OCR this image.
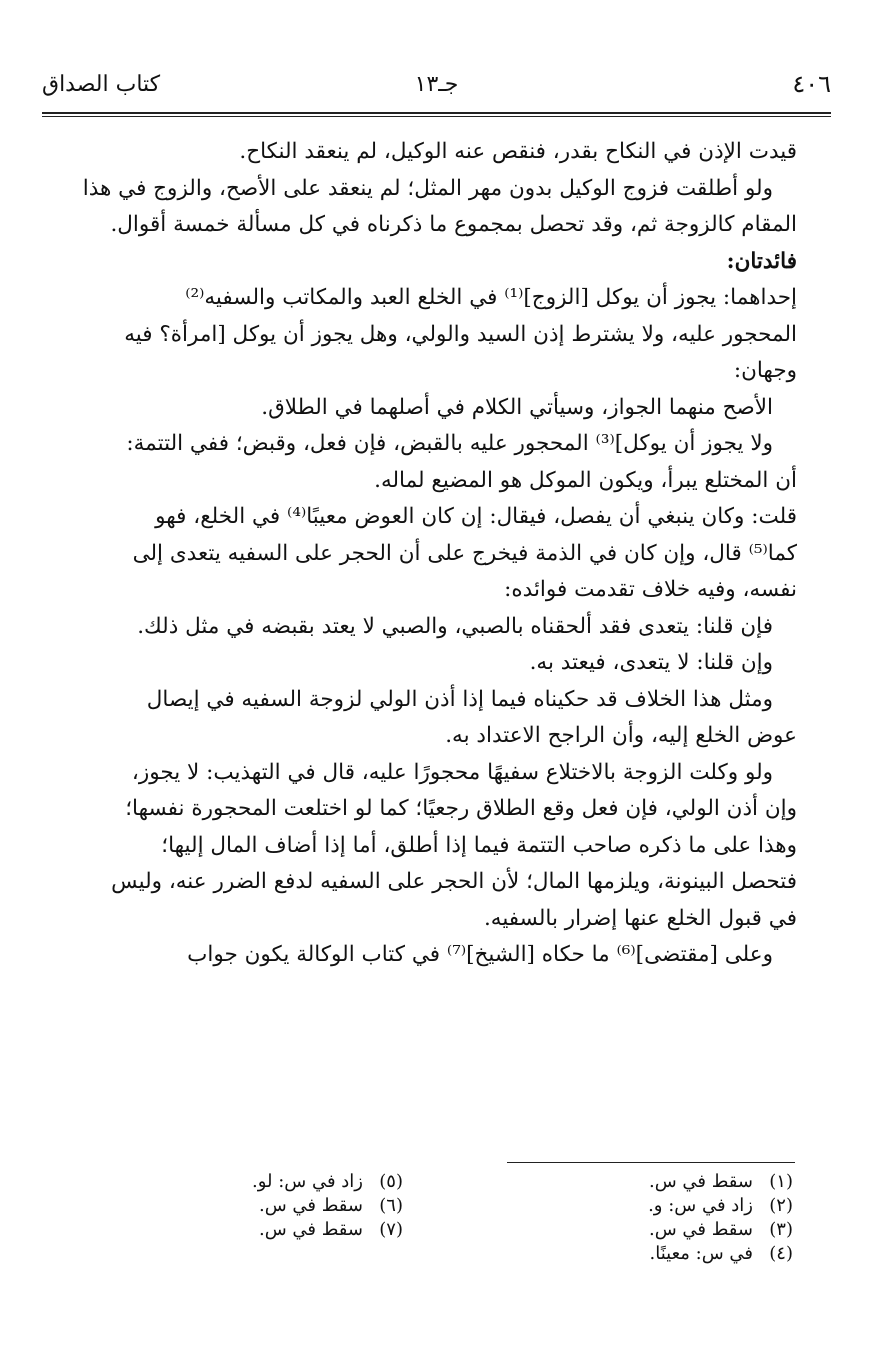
٤٠٦
جـ١٣
كتاب الصداق

قيدت الإذن في النكاح بقدر، فنقص عنه الوكيل، لم ينعقد النكاح.

ولو أطلقت فزوج الوكيل بدون مهر المثل؛ لم ينعقد على الأصح، والزوج في هذا

المقام كالزوجة ثم، وقد تحصل بمجموع ما ذكرناه في كل مسألة خمسة أقوال.

فائدتان:

إحداهما: يجوز أن يوكل [الزوج]⁽¹⁾ في الخلع العبد والمكاتب والسفيه⁽²⁾

المحجور عليه، ولا يشترط إذن السيد والولي، وهل يجوز أن يوكل [امرأة؟ فيه

وجهان:

الأصح منهما الجواز، وسيأتي الكلام في أصلهما في الطلاق.

ولا يجوز أن يوكل]⁽³⁾ المحجور عليه بالقبض، فإن فعل، وقبض؛ ففي التتمة:

أن المختلع يبرأ، ويكون الموكل هو المضيع لماله.

قلت: وكان ينبغي أن يفصل، فيقال: إن كان العوض معيبًا⁽⁴⁾ في الخلع، فهو

كما⁽⁵⁾ قال، وإن كان في الذمة فيخرج على أن الحجر على السفيه يتعدى إلى

نفسه، وفيه خلاف تقدمت فوائده:

فإن قلنا: يتعدى فقد ألحقناه بالصبي، والصبي لا يعتد بقبضه في مثل ذلك.

وإن قلنا: لا يتعدى، فيعتد به.

ومثل هذا الخلاف قد حكيناه فيما إذا أذن الولي لزوجة السفيه في إيصال

عوض الخلع إليه، وأن الراجح الاعتداد به.

ولو وكلت الزوجة بالاختلاع سفيهًا محجورًا عليه، قال في التهذيب: لا يجوز،

وإن أذن الولي، فإن فعل وقع الطلاق رجعيًا؛ كما لو اختلعت المحجورة نفسها؛

وهذا على ما ذكره صاحب التتمة فيما إذا أطلق، أما إذا أضاف المال إليها؛

فتحصل البينونة، ويلزمها المال؛ لأن الحجر على السفيه لدفع الضرر عنه، وليس

في قبول الخلع عنها إضرار بالسفيه.

وعلى [مقتضى]⁽⁶⁾ ما حكاه [الشيخ]⁽⁷⁾ في كتاب الوكالة يكون جواب

(١)سقط في س.
(٢)زاد في س: و.
(٣)سقط في س.
(٤)في س: معينًا.
(٥)زاد في س: لو.
(٦)سقط في س.
(٧)سقط في س.
